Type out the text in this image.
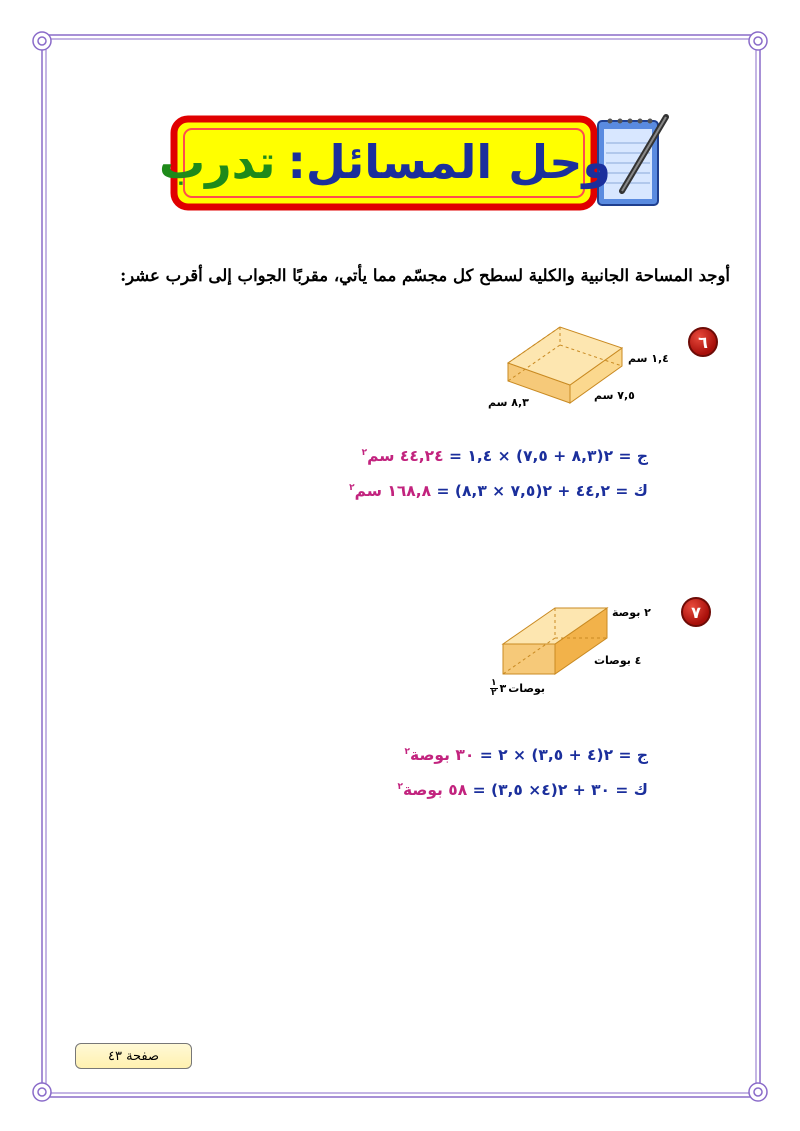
وحل المسائل:
تدرب
أوجد المساحة الجانبية والكلية لسطح كل مجسّم مما يأتي، مقربًا الجواب إلى أقرب عشر:
٦
١,٤ سم
٧,٥ سم
٨,٣ سم
ج = ٢(٨,٣ + ٧,٥) × ١,٤ = ٤٤,٢٤ سم$^٢$
ك = ٤٤,٢ + ٢(٧,٥ × ٨,٣) = ١٦٨,٨ سم$^٢$
٧
٢ بوصة
٤ بوصات
بوصات
٣
١
٢
ج = ٢(٤ + ٣,٥) × ٢ = ٣٠ بوصة$^٢$
ك = ٣٠ + ٢(٤× ٣,٥) = ٥٨ بوصة$^٢$
صفحة ٤٣
